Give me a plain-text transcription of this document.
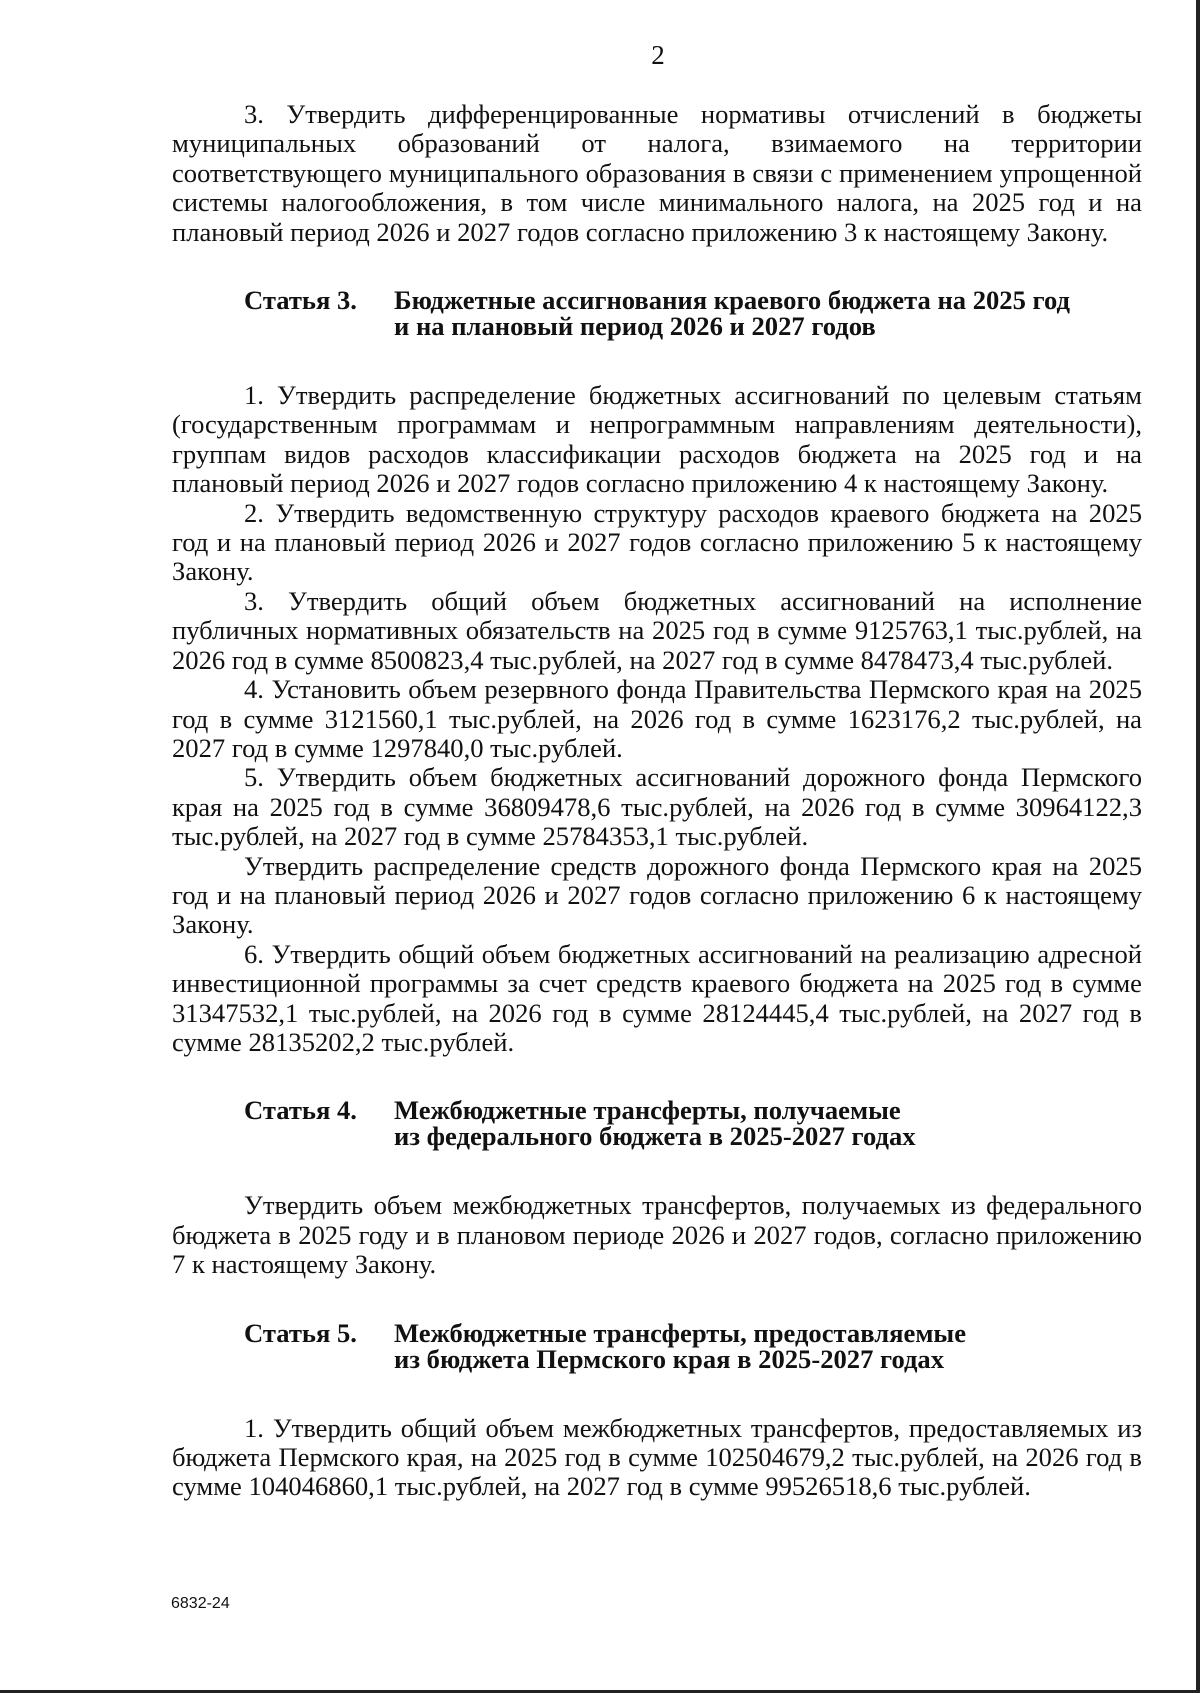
2

3. Утвердить дифференцированные нормативы отчислений в бюджеты муниципальных образований от налога, взимаемого на территории соответствующего муниципального образования в связи с применением упрощенной системы налогообложения, в том числе минимального налога, на 2025 год и на плановый период 2026 и 2027 годов согласно приложению 3 к настоящему Закону.

Статья 3.	Бюджетные ассигнования краевого бюджета на 2025 год
и на плановый период 2026 и 2027 годов

1. Утвердить распределение бюджетных ассигнований по целевым статьям (государственным программам и непрограммным направлениям деятельности), группам видов расходов классификации расходов бюджета на 2025 год и на плановый период 2026 и 2027 годов согласно приложению 4 к настоящему Закону.

2. Утвердить ведомственную структуру расходов краевого бюджета на 2025 год и на плановый период 2026 и 2027 годов согласно приложению 5 к настоящему Закону.

3. Утвердить общий объем бюджетных ассигнований на исполнение публичных нормативных обязательств на 2025 год в сумме 9125763,1 тыс.рублей, на 2026 год в сумме 8500823,4 тыс.рублей, на 2027 год в сумме 8478473,4 тыс.рублей.

4. Установить объем резервного фонда Правительства Пермского края на 2025 год в сумме 3121560,1 тыс.рублей, на 2026 год в сумме 1623176,2 тыс.рублей, на 2027 год в сумме 1297840,0 тыс.рублей.

5. Утвердить объем бюджетных ассигнований дорожного фонда Пермского края на 2025 год в сумме 36809478,6 тыс.рублей, на 2026 год в сумме 30964122,3 тыс.рублей, на 2027 год в сумме 25784353,1 тыс.рублей.

Утвердить распределение средств дорожного фонда Пермского края на 2025 год и на плановый период 2026 и 2027 годов согласно приложению 6 к настоящему Закону.

6. Утвердить общий объем бюджетных ассигнований на реализацию адресной инвестиционной программы за счет средств краевого бюджета на 2025 год в сумме 31347532,1 тыс.рублей, на 2026 год в сумме 28124445,4 тыс.рублей, на 2027 год в сумме 28135202,2 тыс.рублей.

Статья 4.	Межбюджетные трансферты, получаемые
из федерального бюджета в 2025-2027 годах

Утвердить объем межбюджетных трансфертов, получаемых из федерального бюджета в 2025 году и в плановом периоде 2026 и 2027 годов, согласно приложению 7 к настоящему Закону.

Статья 5.	Межбюджетные трансферты, предоставляемые
из бюджета Пермского края в 2025-2027 годах

1. Утвердить общий объем межбюджетных трансфертов, предоставляемых из бюджета Пермского края, на 2025 год в сумме 102504679,2 тыс.рублей, на 2026 год в сумме 104046860,1 тыс.рублей, на 2027 год в сумме 99526518,6 тыс.рублей.

6832-24
